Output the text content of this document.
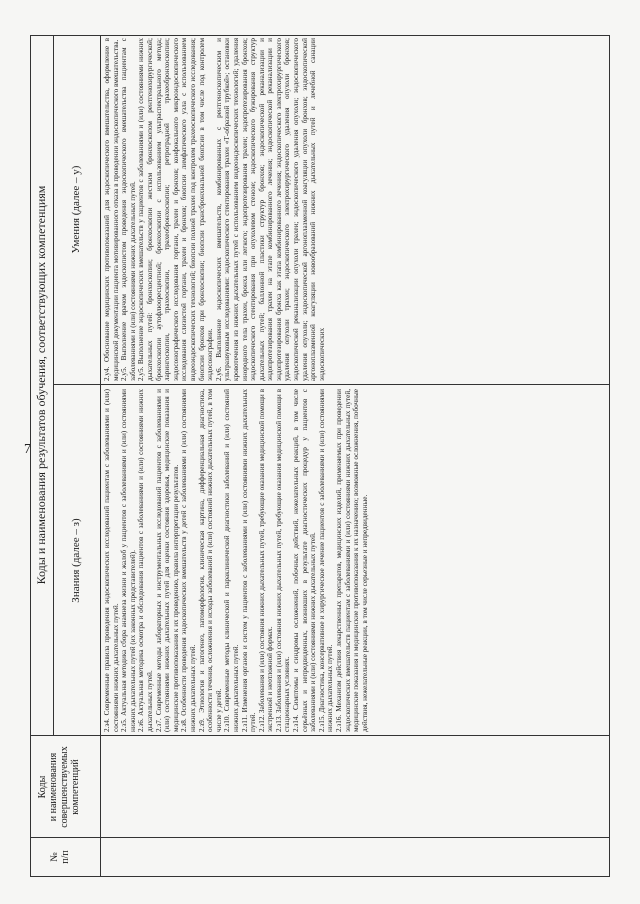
7
№
п/п
Коды
и наименования
совершенствуемых
компетенций
Коды и наименования результатов обучения, соответствующих компетенциям Знания (далее – з)
Умения (далее – у)

2.з4. Современные правила проведения эндоскопических исследований пациентам с заболеваниями и (или) состояниями нижних дыхательных путей. 2.з5. Актуальная методика сбора анамнеза жизни и жалоб у пациентов с заболеваниями и (или) состояниями нижних дыхательных путей (их законных представителей). 2.з6. Актуальная методика осмотра и обследования пациентов с заболеваниями и (или) состояниями нижних дыхательных путей. 2.з7. Современные методы лабораторных и инструментальных исследований пациентов с заболеваниями и (или) состояниями нижних дыхательных путей для оценки состояния здоровья, медицинские показания и медицинские противопоказания к их проведению, правила интерпретации результатов. 2.з8. Особенности проведения эндоскопических вмешательств у детей с заболеваниями и (или) состояниями нижних дыхательных путей. 2.з9. Этиология и патогенез, патоморфология, клиническая картина, дифференциальная диагностика, особенности течения, осложнения и исходы заболеваний и (или) состояний нижних дыхательных путей, в том числе у детей. 2.з10. Современные методы клинической и параклинической диагностики заболеваний и (или) состояний нижних дыхательных путей. 2.з11. Изменения органов и систем у пациентов с заболеваниями и (или) состояниями нижних дыхательных путей. 2.з12. Заболевания и (или) состояния нижних дыхательных путей, требующие оказания медицинской помощи в экстренной и неотложной формах. 2.з13. Заболевания и (или) состояния нижних дыхательных путей, требующие оказания медицинской помощи в стационарных условиях. 2.з14. Симптомы и синдромы осложнений, побочных действий, нежелательных реакций, в том числе серьёзных и непредвиденных, возникших в результате диагностических процедур у пациентов с заболеваниями и (или) состояниями нижних дыхательных путей. 2.з15. Диагностика, консервативное и хирургическое лечение пациентов с заболеваниями и (или) состояниями нижних дыхательных путей. 2.з16. Механизм действия лекарственных препаратов, медицинских изделий, применяемых при проведении эндоскопических вмешательств пациентам с заболеваниями и (или) состояниями нижних дыхательных путей, медицинские показания и медицинские противопоказания к их назначению; возможные осложнения, побочные действия, нежелательные реакции, в том числе серьезные и непредвиденные.

2.у4. Обоснование медицинских противопоказаний для эндоскопического вмешательства, оформление в медицинской документации пациента мотивированного отказа в проведении эндоскопического вмешательства. 2.у5. Выполнение врачом эндоскопистом проведения эндоскопического вмешательства пациентам с заболеваниями и (или) состояниями нижних дыхательных путей. 2.у5. Выполнение эндоскопических вмешательств у пациентов с заболеваниями и (или) состояниями нижних дыхательных путей: бронхоскопии; бронхоскопии жестким бронхоскопом рентгенохирургической; бронхоскопии аутофлюоресцентной; бронхоскопии с использованием ультраспектрального метода; ларингоскопии, трахеоскопии, трахеобронхоскопии; ретроградной трахеобронхоскопии; эндосонографического исследования гортани, трахеи и бронхов; конфокального микроэндоскопического исследования слизистой гортани, трахеи и бронхов; биопсии лимфатического узла с использованием видеоэндоскопических технологий; биопсии полной трахеи под контролем трахеоскопического исследования; биопсии бронхов при бронхоскопии; биопсии трансбронхиальной биопсии в том числе под контролем эндосонографии. 2.у6. Выполнение эндоскопических вмешательств, комбинированных с рентгеноскопическим и ультразвуковым исследованиями: эндоскопического стентирования трахеи «Т-образной трубкой»; остановки кровотечения из нижних дыхательных путей с использованием видеоэндоскопических технологий; удаления инородного тела трахеи, бронха или легкого; эндопротезирования трахеи; эндопротезирования бронхов; эндоскопического стентирования при опухолевом стенозе; эндоскопического бужирования структур дыхательных путей; баллонной пластики структур бронхов; эндоскопической реканализации и эндопротезирования трахеи на этапе комбинированного лечения; эндоскопической реканализации и эндопротезирования бронха как этапа комбинированного лечения; эндоскопического электрохирургического удаления опухоли трахеи; эндоскопического электрохирургического удаления опухоли бронхов; эндоскопической реканализации опухоли трахеи; эндоскопического удаления опухоли; эндоскопического удаления опухоли; эндоскопической аргоноплазменной коагуляции опухоли бронхов; эндоскопической аргоноплазменной коагуляции новообразований нижних дыхательных путей и лечебной санации эндоскопических
